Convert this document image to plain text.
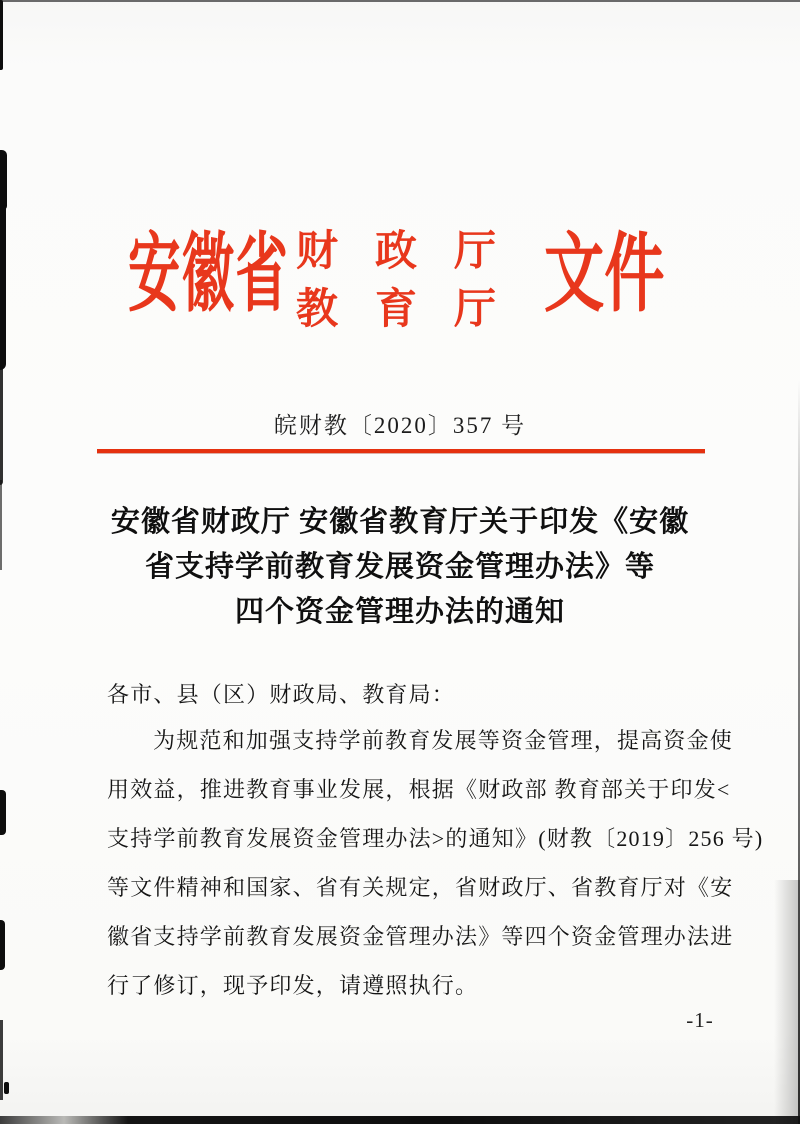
安徽省 财 政 厅
教 育 厅 文件
皖财教〔2020〕357 号
安徽省财政厅 安徽省教育厅关于印发《安徽
省支持学前教育发展资金管理办法》等
四个资金管理办法的通知
各市、县（区）财政局、教育局：
为规范和加强支持学前教育发展等资金管理，提高资金使
用效益，推进教育事业发展，根据《财政部 教育部关于印发<
支持学前教育发展资金管理办法>的通知》(财教〔2019〕256 号)
等文件精神和国家、省有关规定，省财政厅、省教育厅对《安
徽省支持学前教育发展资金管理办法》等四个资金管理办法进
行了修订，现予印发，请遵照执行。
-1-
